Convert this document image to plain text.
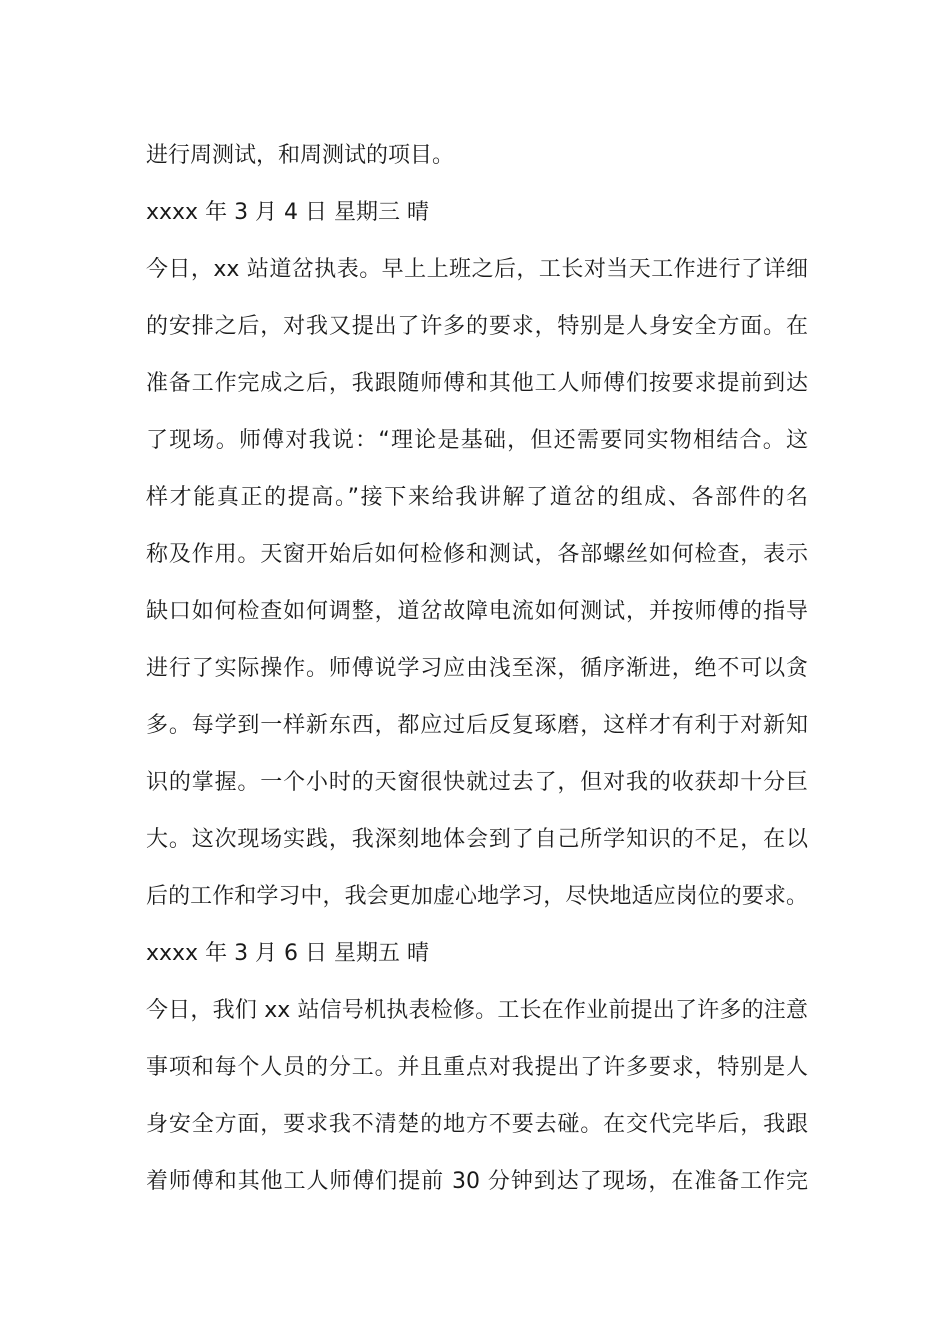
进行周测试，和周测试的项目。
xxxx 年 3 月 4 日 星期三 晴
今日，xx 站道岔执表。早上上班之后，工长对当天工作进行了详细
的安排之后，对我又提出了许多的要求，特别是人身安全方面。在
准备工作完成之后，我跟随师傅和其他工人师傅们按要求提前到达
了现场。师傅对我说：“理论是基础，但还需要同实物相结合。这
样才能真正的提高。”接下来给我讲解了道岔的组成、各部件的名
称及作用。天窗开始后如何检修和测试，各部螺丝如何检查，表示
缺口如何检查如何调整，道岔故障电流如何测试，并按师傅的指导
进行了实际操作。师傅说学习应由浅至深，循序渐进，绝不可以贪
多。每学到一样新东西，都应过后反复琢磨，这样才有利于对新知
识的掌握。一个小时的天窗很快就过去了，但对我的收获却十分巨
大。这次现场实践，我深刻地体会到了自己所学知识的不足，在以
后的工作和学习中，我会更加虚心地学习，尽快地适应岗位的要求。
xxxx 年 3 月 6 日 星期五 晴
今日，我们 xx 站信号机执表检修。工长在作业前提出了许多的注意
事项和每个人员的分工。并且重点对我提出了许多要求，特别是人
身安全方面，要求我不清楚的地方不要去碰。在交代完毕后，我跟
着师傅和其他工人师傅们提前 30 分钟到达了现场，在准备工作完
